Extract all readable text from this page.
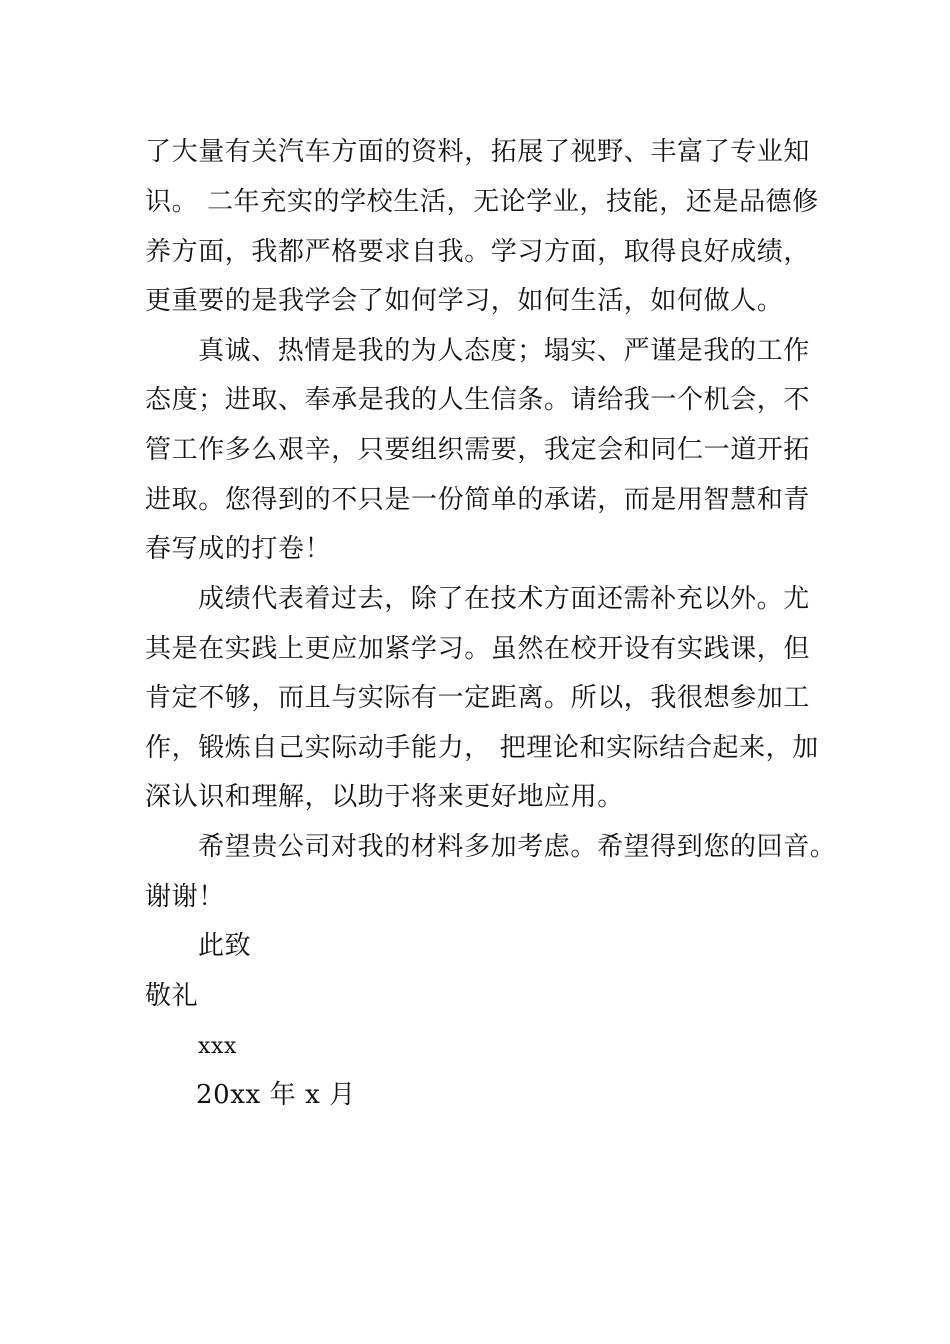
了大量有关汽车方面的资料，拓展了视野、丰富了专业知
识。 二年充实的学校生活，无论学业，技能，还是品德修
养方面，我都严格要求自我。学习方面，取得良好成绩，
更重要的是我学会了如何学习，如何生活，如何做人。
真诚、热情是我的为人态度；塌实、严谨是我的工作
态度；进取、奉承是我的人生信条。请给我一个机会，不
管工作多么艰辛，只要组织需要，我定会和同仁一道开拓
进取。您得到的不只是一份简单的承诺，而是用智慧和青
春写成的打卷！
成绩代表着过去，除了在技术方面还需补充以外。尤
其是在实践上更应加紧学习。虽然在校开设有实践课，但
肯定不够，而且与实际有一定距离。所以，我很想参加工
作，锻炼自己实际动手能力， 把理论和实际结合起来，加
深认识和理解，以助于将来更好地应用。
希望贵公司对我的材料多加考虑。希望得到您的回音。
谢谢！
此致
敬礼
xxx
20xx 年 x 月
